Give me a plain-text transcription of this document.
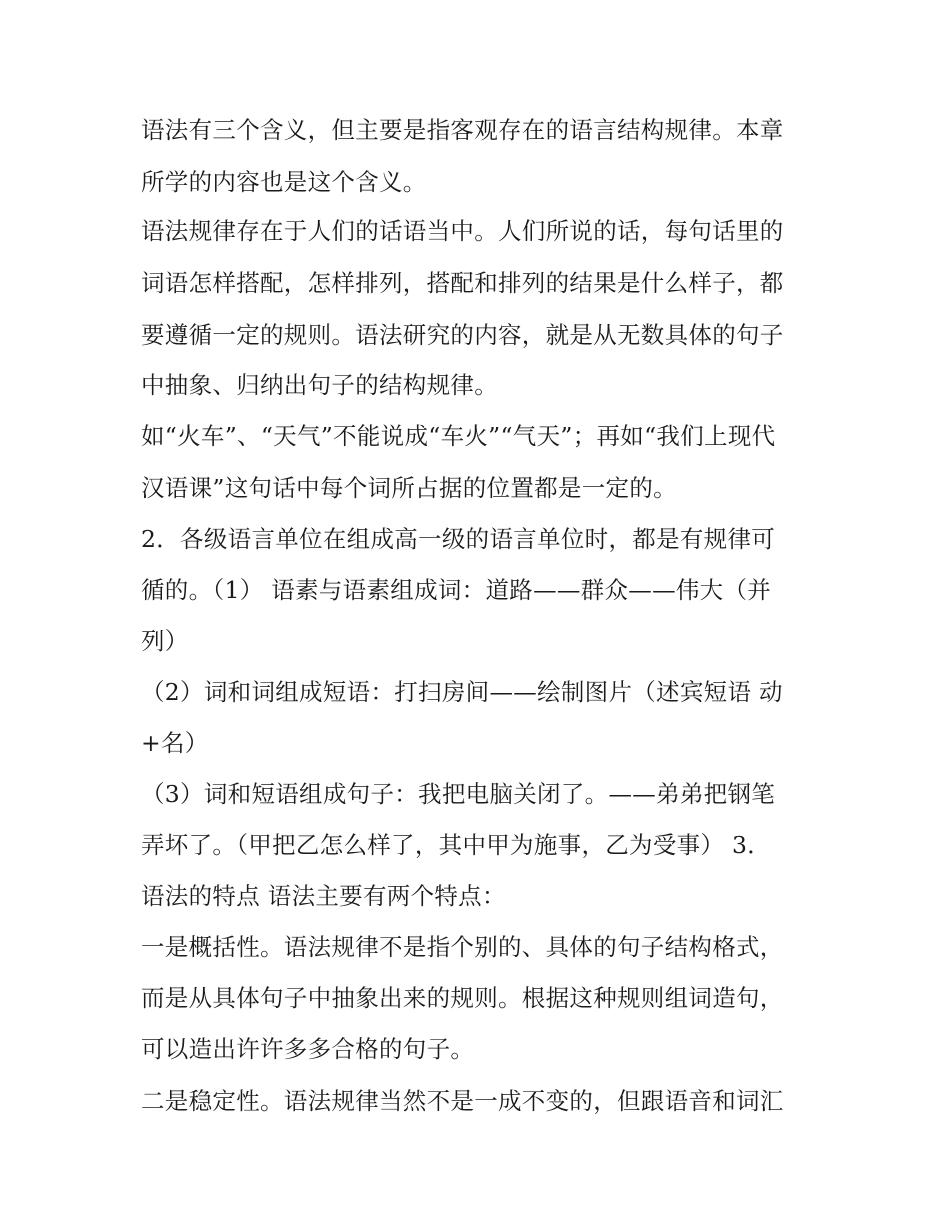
语法有三个含义，但主要是指客观存在的语言结构规律。本章
所学的内容也是这个含义。
语法规律存在于人们的话语当中。人们所说的话，每句话里的
词语怎样搭配，怎样排列，搭配和排列的结果是什么样子，都
要遵循一定的规则。语法研究的内容，就是从无数具体的句子
中抽象、归纳出句子的结构规律。
如“火车”、“天气”不能说成“车火”“气天”；再如“我们上现代
汉语课”这句话中每个词所占据的位置都是一定的。
2．各级语言单位在组成高一级的语言单位时，都是有规律可
循的。（1） 语素与语素组成词：道路——群众——伟大（并
列）
（2）词和词组成短语：打扫房间——绘制图片（述宾短语 动
+名）
（3）词和短语组成句子：我把电脑关闭了。——弟弟把钢笔
弄坏了。（甲把乙怎么样了，其中甲为施事，乙为受事） 3．
语法的特点 语法主要有两个特点：
一是概括性。语法规律不是指个别的、具体的句子结构格式，
而是从具体句子中抽象出来的规则。根据这种规则组词造句，
可以造出许许多多合格的句子。
二是稳定性。语法规律当然不是一成不变的，但跟语音和词汇
